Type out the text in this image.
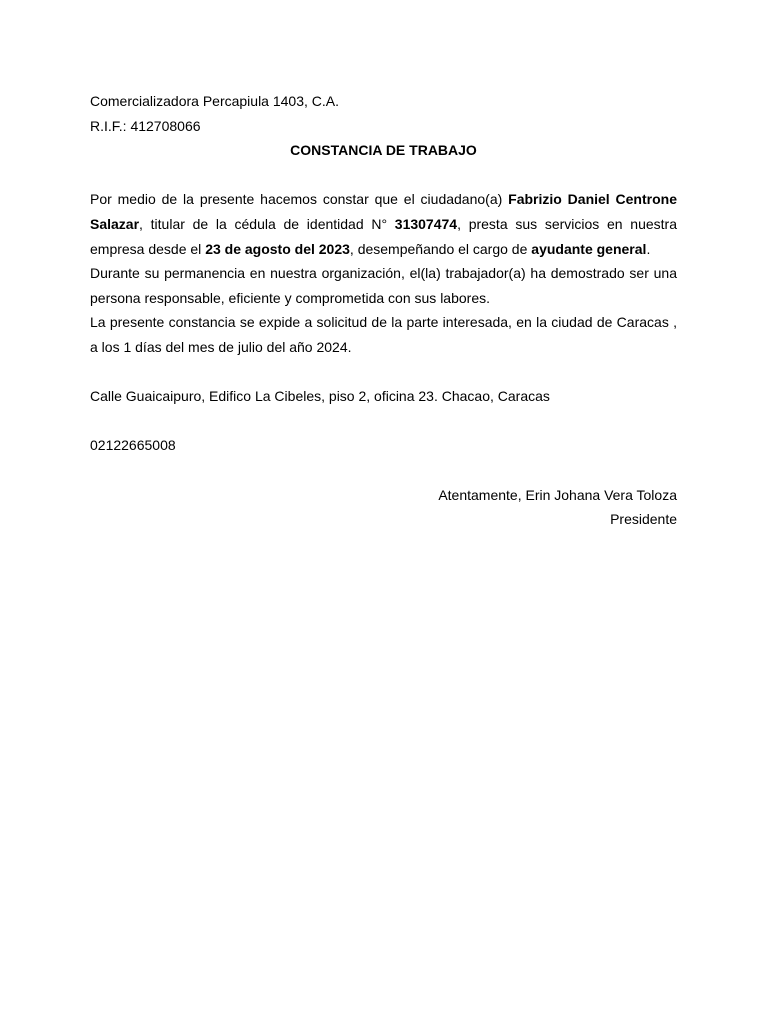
Comercializadora Percapiula 1403, C.A.

R.I.F.: 412708066

CONSTANCIA DE TRABAJO

Por medio de la presente hacemos constar que el ciudadano(a) Fabrizio Daniel Centrone Salazar, titular de la cédula de identidad N° 31307474, presta sus servicios en nuestra empresa desde el 23 de agosto del 2023, desempeñando el cargo de ayudante general.

Durante su permanencia en nuestra organización, el(la) trabajador(a) ha demostrado ser una persona responsable, eficiente y comprometida con sus labores.

La presente constancia se expide a solicitud de la parte interesada, en la ciudad de Caracas , a los 1 días del mes de julio del año 2024.

Calle Guaicaipuro, Edifico La Cibeles, piso 2, oficina 23. Chacao, Caracas

02122665008

Atentamente, Erin Johana Vera Toloza

Presidente
